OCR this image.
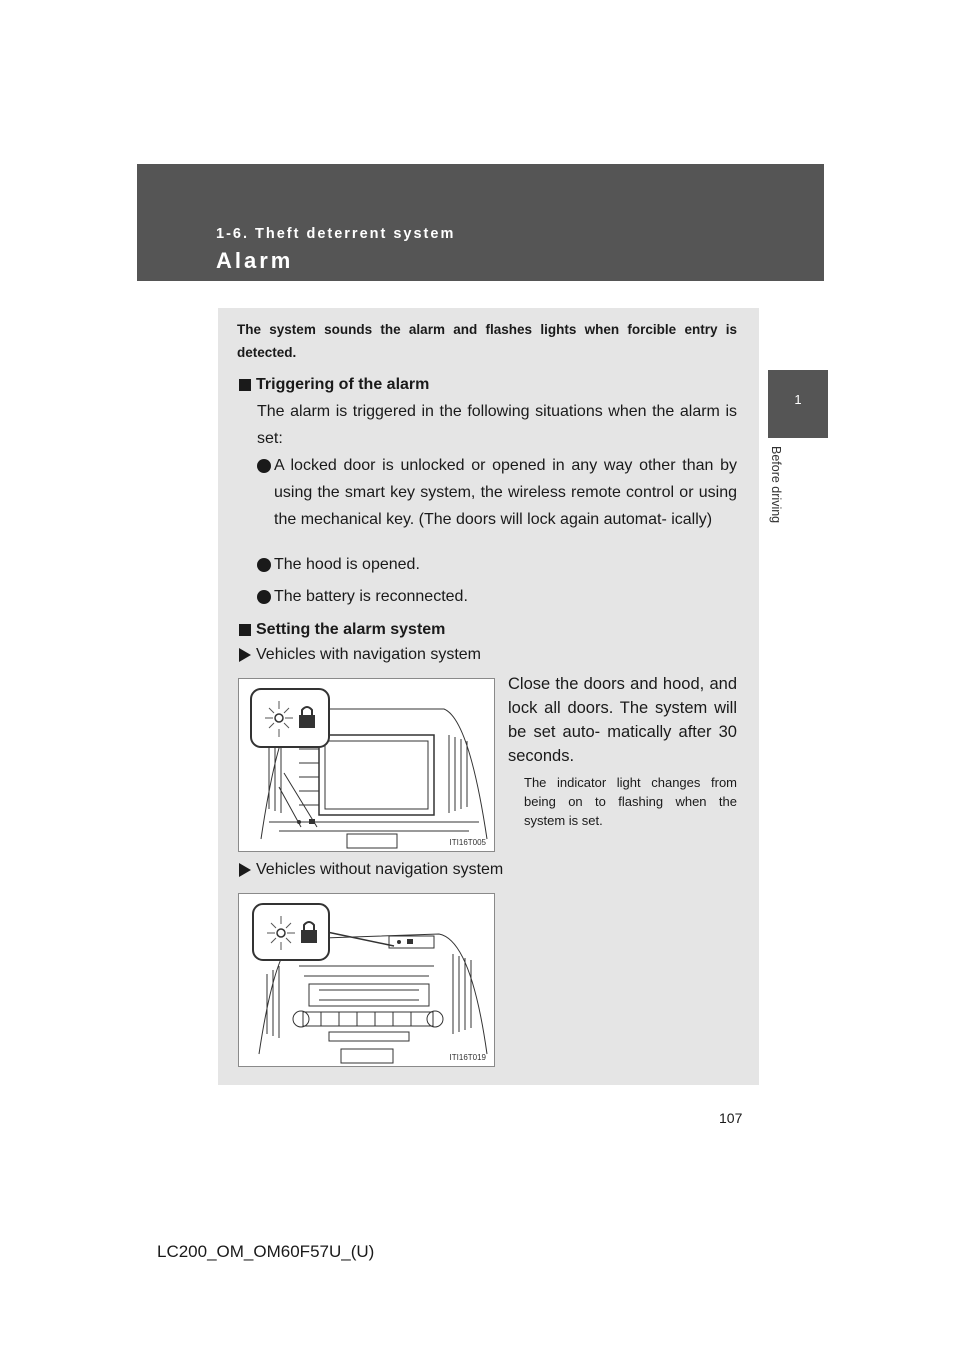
1-6. Theft deterrent system
Alarm
1
Before driving
The system sounds the alarm and flashes lights when forcible entry is detected.
Triggering of the alarm
The alarm is triggered in the following situations when the alarm is set:
A locked door is unlocked or opened in any way other than by using the smart key system, the wireless remote control or using the mechanical key. (The doors will lock again automat- ically)
The hood is opened.
The battery is reconnected.
Setting the alarm system
Vehicles with navigation system
ITI16T005
Close the doors and hood, and lock all doors. The system will be set auto- matically after 30 seconds.
The indicator light changes from being on to flashing when the system is set.
Vehicles without navigation system
ITI16T019
107
LC200_OM_OM60F57U_(U)
